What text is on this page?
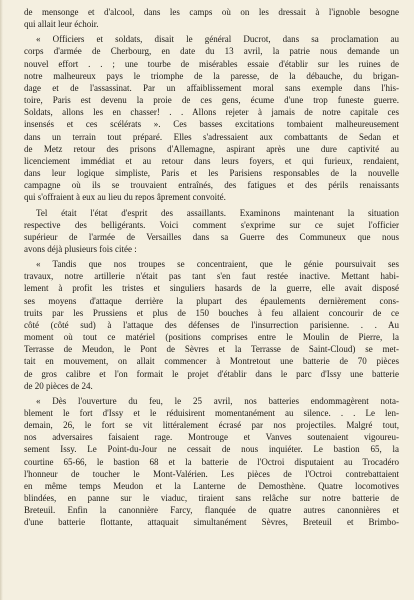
de mensonge et d'alcool, dans les camps où on les dressait à l'ignoble besogne
qui allait leur échoir.

« Officiers et soldats, disait le général Ducrot, dans sa proclamation au
corps d'armée de Cherbourg, en date du 13 avril, la patrie nous demande un
nouvel effort . . ; une tourbe de misérables essaie d'établir sur les ruines de
notre malheureux pays le triomphe de la paresse, de la débauche, du brigan-
dage et de l'assassinat. Par un affaiblissement moral sans exemple dans l'his-
toire, Paris est devenu la proie de ces gens, écume d'une trop funeste guerre.
Soldats, allons les en chasser! . . Allons rejeter à jamais de notre capitale ces
insensés et ces scélérats ». Ces basses excitations tombaient malheureusement
dans un terrain tout préparé. Elles s'adressaient aux combattants de Sedan et
de Metz retour des prisons d'Allemagne, aspirant après une dure captivité au
licenciement immédiat et au retour dans leurs foyers, et qui furieux, rendaient,
dans leur logique simpliste, Paris et les Parisiens responsables de la nouvelle
campagne où ils se trouvaient entraînés, des fatigues et des périls renaissants
qui s'offraient à eux au lieu du repos âprement convoité.

Tel était l'état d'esprit des assaillants. Examinons maintenant la situation
respective des belligérants. Voici comment s'exprime sur ce sujet l'officier
supérieur de l'armée de Versailles dans sa Guerre des Communeux que nous
avons déjà plusieurs fois citée :

« Tandis que nos troupes se concentraient, que le génie poursuivait ses
travaux, notre artillerie n'était pas tant s'en faut restée inactive. Mettant habi-
lement à profit les tristes et singuliers hasards de la guerre, elle avait disposé
ses moyens d'attaque derrière la plupart des épaulements dernièrement cons-
truits par les Prussiens et plus de 150 bouches à feu allaient concourir de ce
côté (côté sud) à l'attaque des défenses de l'insurrection parisienne. . . Au
moment où tout ce matériel (positions comprises entre le Moulin de Pierre, la
Terrasse de Meudon, le Pont de Sèvres et la Terrasse de Saint-Cloud) se met-
tait en mouvement, on allait commencer à Montretout une batterie de 70 pièces
de gros calibre et l'on formait le projet d'établir dans le parc d'Issy une batterie
de 20 pièces de 24.

« Dès l'ouverture du feu, le 25 avril, nos batteries endommagèrent nota-
blement le fort d'Issy et le réduisirent momentanément au silence. . . Le len-
demain, 26, le fort se vit littéralement écrasé par nos projectiles. Malgré tout,
nos adversaires faisaient rage. Montrouge et Vanves soutenaient vigoureu-
sement Issy. Le Point-du-Jour ne cessait de nous inquiéter. Le bastion 65, la
courtine 65-66, le bastion 68 et la batterie de l'Octroi disputaient au Trocadéro
l'honneur de toucher le Mont-Valérien. Les pièces de l'Octroi contrebattaient
en même temps Meudon et la Lanterne de Demosthène. Quatre locomotives
blindées, en panne sur le viaduc, tiraient sans relâche sur notre batterie de
Breteuil. Enfin la canonnière Farcy, flanquée de quatre autres canonnières et
d'une batterie flottante, attaquait simultanément Sèvres, Breteuil et Brimbo-
